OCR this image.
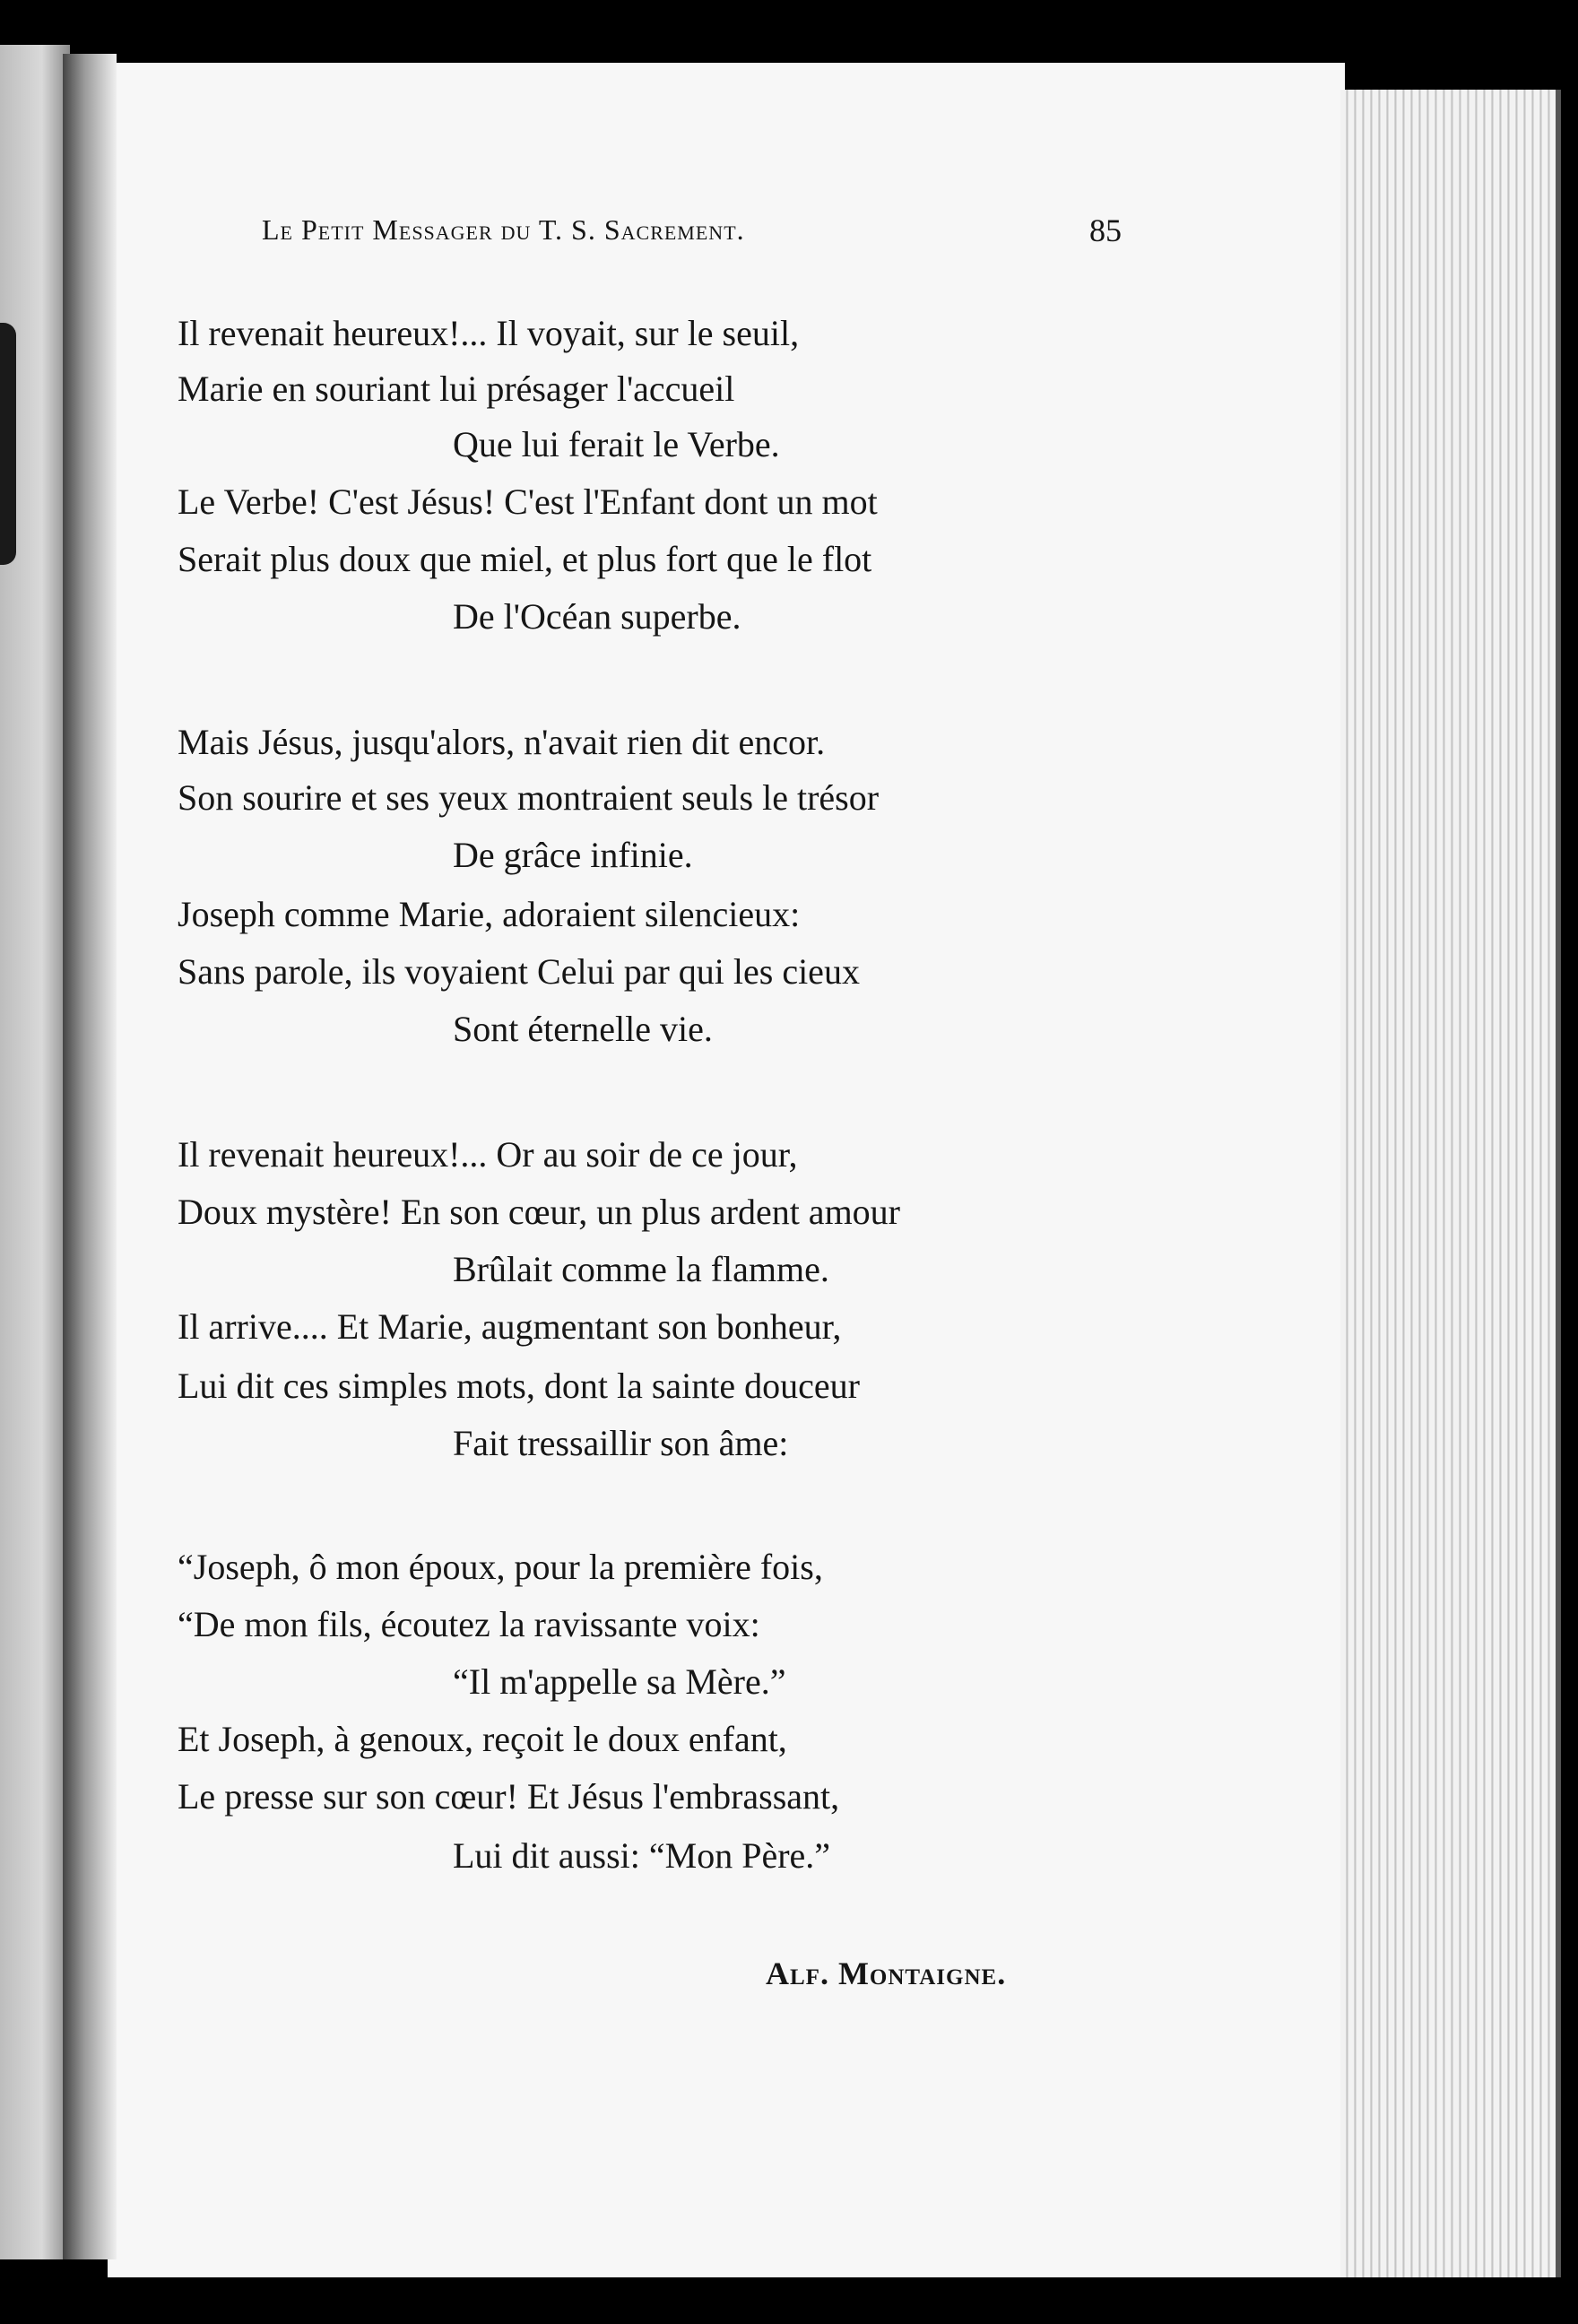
Le Petit Messager du T. S. Sacrement.	85
Il revenait heureux!... Il voyait, sur le seuil,
Marie en souriant lui présager l'accueil
Que lui ferait le Verbe.
Le Verbe! C'est Jésus! C'est l'Enfant dont un mot
Serait plus doux que miel, et plus fort que le flot
De l'Océan superbe.
Mais Jésus, jusqu'alors, n'avait rien dit encor.
Son sourire et ses yeux montraient seuls le trésor
De grâce infinie.
Joseph comme Marie, adoraient silencieux:
Sans parole, ils voyaient Celui par qui les cieux
Sont éternelle vie.
Il revenait heureux!... Or au soir de ce jour,
Doux mystère! En son cœur, un plus ardent amour
Brûlait comme la flamme.
Il arrive.... Et Marie, augmentant son bonheur,
Lui dit ces simples mots, dont la sainte douceur
Fait tressaillir son âme:
“Joseph, ô mon époux, pour la première fois,
“De mon fils, écoutez la ravissante voix:
“Il m'appelle sa Mère.”
Et Joseph, à genoux, reçoit le doux enfant,
Le presse sur son cœur! Et Jésus l'embrassant,
Lui dit aussi: “Mon Père.”
Alf. Montaigne.
